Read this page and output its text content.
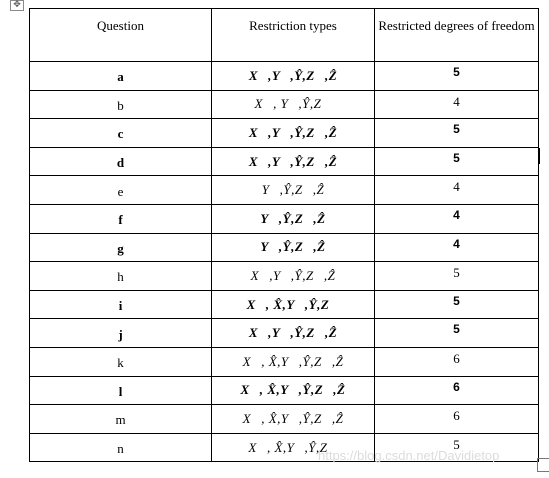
✥
Question	Restriction types	Restricted degrees of freedom
a	X⃗,Y⃗,Ŷ,Z⃗,Ẑ	5
b	X⃗, Y⃗,Ŷ,Z⃗	4
c	X⃗,Y⃗,Ŷ,Z⃗,Ẑ	5
d	X⃗,Y⃗,Ŷ,Z⃗,Ẑ	5
e	Y⃗,Ŷ,Z⃗,Ẑ	4
f	Y⃗,Ŷ,Z⃗,Ẑ	4
g	Y⃗,Ŷ,Z⃗,Ẑ	4
h	X⃗,Y⃗,Ŷ,Z⃗,Ẑ	5
i	X⃗, X̂,Y⃗,Ŷ,Z⃗	5
j	X⃗,Y⃗,Ŷ,Z⃗,Ẑ	5
k	X⃗, X̂,Y⃗,Ŷ,Z⃗,Ẑ	6
l	X⃗, X̂,Y⃗,Ŷ,Z⃗,Ẑ	6
m	X⃗, X̂,Y⃗,Ŷ,Z⃗,Ẑ	6
n	X⃗, X̂,Y⃗,Ŷ,Z⃗	5
https://blog.csdn.net/Davidietop
